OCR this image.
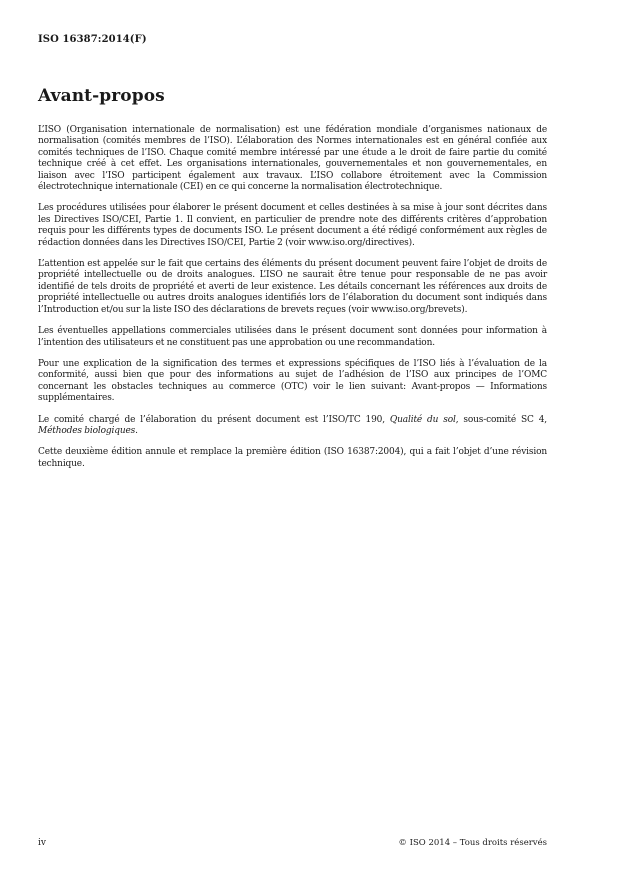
ISO 16387:2014(F)
Avant-propos

L’ISO (Organisation internationale de normalisation) est une fédération mondiale d’organismes nationaux de normalisation (comités membres de l’ISO). L’élaboration des Normes internationales est en général confiée aux comités techniques de l’ISO. Chaque comité membre intéressé par une étude a le droit de faire partie du comité technique créé à cet effet. Les organisations internationales, gouvernementales et non gouvernementales, en liaison avec l’ISO participent également aux travaux. L’ISO collabore étroitement avec la Commission électrotechnique internationale (CEI) en ce qui concerne la normalisation électrotechnique.

Les procédures utilisées pour élaborer le présent document et celles destinées à sa mise à jour sont décrites dans les Directives ISO/CEI, Partie 1. Il convient, en particulier de prendre note des différents critères d’approbation requis pour les différents types de documents ISO. Le présent document a été rédigé conformément aux règles de rédaction données dans les Directives ISO/CEI, Partie 2 (voir www.iso.org/directives).

L’attention est appelée sur le fait que certains des éléments du présent document peuvent faire l’objet de droits de propriété intellectuelle ou de droits analogues. L’ISO ne saurait être tenue pour responsable de ne pas avoir identifié de tels droits de propriété et averti de leur existence. Les détails concernant les références aux droits de propriété intellectuelle ou autres droits analogues identifiés lors de l’élaboration du document sont indiqués dans l’Introduction et/ou sur la liste ISO des déclarations de brevets reçues (voir www.iso.org/brevets).

Les éventuelles appellations commerciales utilisées dans le présent document sont données pour information à l’intention des utilisateurs et ne constituent pas une approbation ou une recommandation.

Pour une explication de la signification des termes et expressions spécifiques de l’ISO liés à l’évaluation de la conformité, aussi bien que pour des informations au sujet de l’adhésion de l’ISO aux principes de l’OMC concernant les obstacles techniques au commerce (OTC) voir le lien suivant: Avant-propos — Informations supplémentaires.

Le comité chargé de l’élaboration du présent document est l’ISO/TC 190, Qualité du sol, sous-comité SC 4, Méthodes biologiques.

Cette deuxième édition annule et remplace la première édition (ISO 16387:2004), qui a fait l’objet d’une révision technique.

iv	© ISO 2014 – Tous droits réservés
